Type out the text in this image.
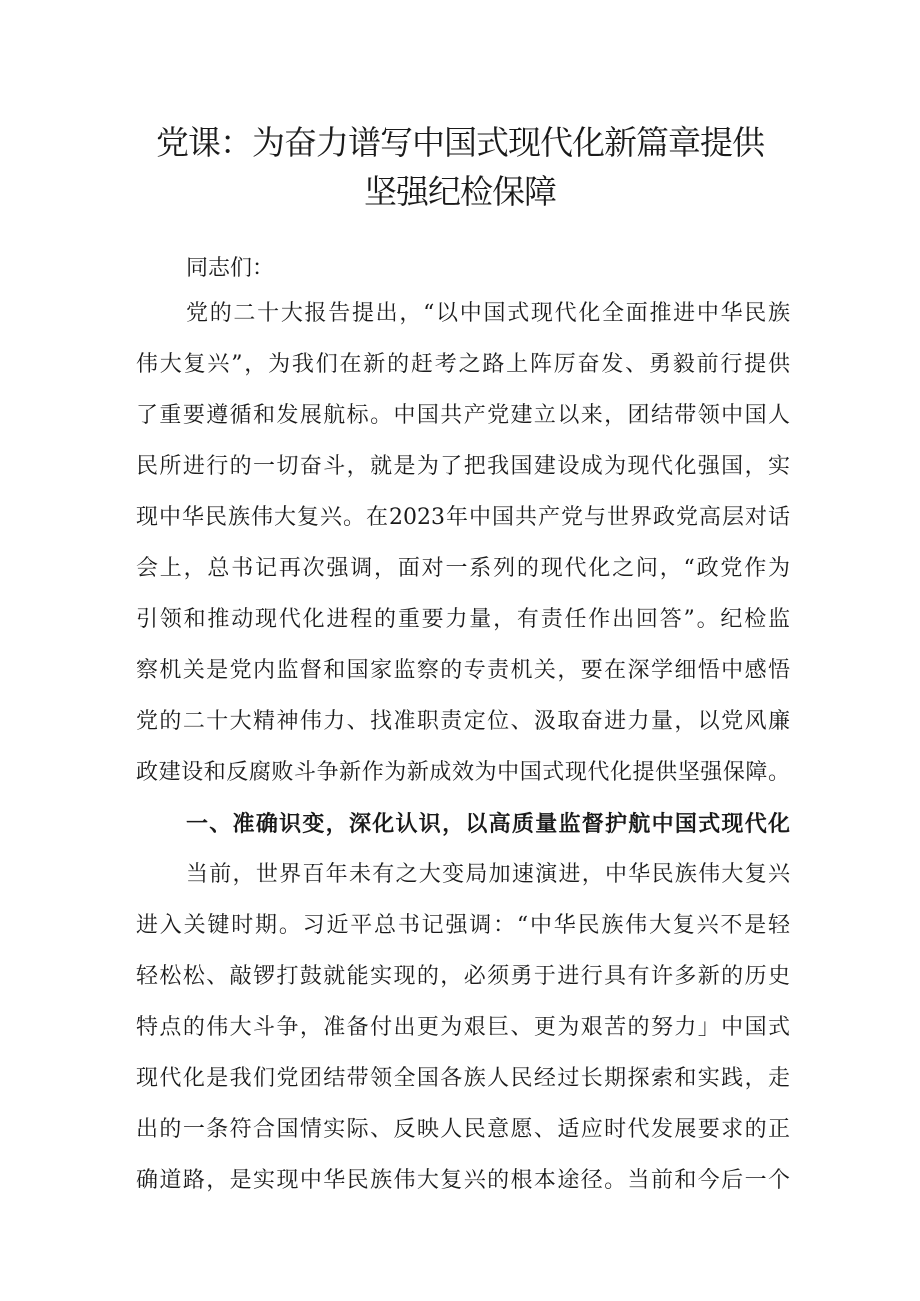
党课：为奋力谱写中国式现代化新篇章提供
坚强纪检保障
同志们：
党的二十大报告提出，“以中国式现代化全面推进中华民族
伟大复兴”，为我们在新的赶考之路上阵厉奋发、勇毅前行提供
了重要遵循和发展航标。中国共产党建立以来，团结带领中国人
民所进行的一切奋斗，就是为了把我国建设成为现代化强国，实
现中华民族伟大复兴。在2023年中国共产党与世界政党高层对话
会上，总书记再次强调，面对一系列的现代化之问，“政党作为
引领和推动现代化进程的重要力量，有责任作出回答”。纪检监
察机关是党内监督和国家监察的专责机关，要在深学细悟中感悟
党的二十大精神伟力、找准职责定位、汲取奋进力量，以党风廉
政建设和反腐败斗争新作为新成效为中国式现代化提供坚强保障。
一、准确识变，深化认识，以高质量监督护航中国式现代化
当前，世界百年未有之大变局加速演进，中华民族伟大复兴
进入关键时期。习近平总书记强调：“中华民族伟大复兴不是轻
轻松松、敲锣打鼓就能实现的，必须勇于进行具有许多新的历史
特点的伟大斗争，准备付出更为艰巨、更为艰苦的努力」中国式
现代化是我们党团结带领全国各族人民经过长期探索和实践，走
出的一条符合国情实际、反映人民意愿、适应时代发展要求的正
确道路，是实现中华民族伟大复兴的根本途径。当前和今后一个
